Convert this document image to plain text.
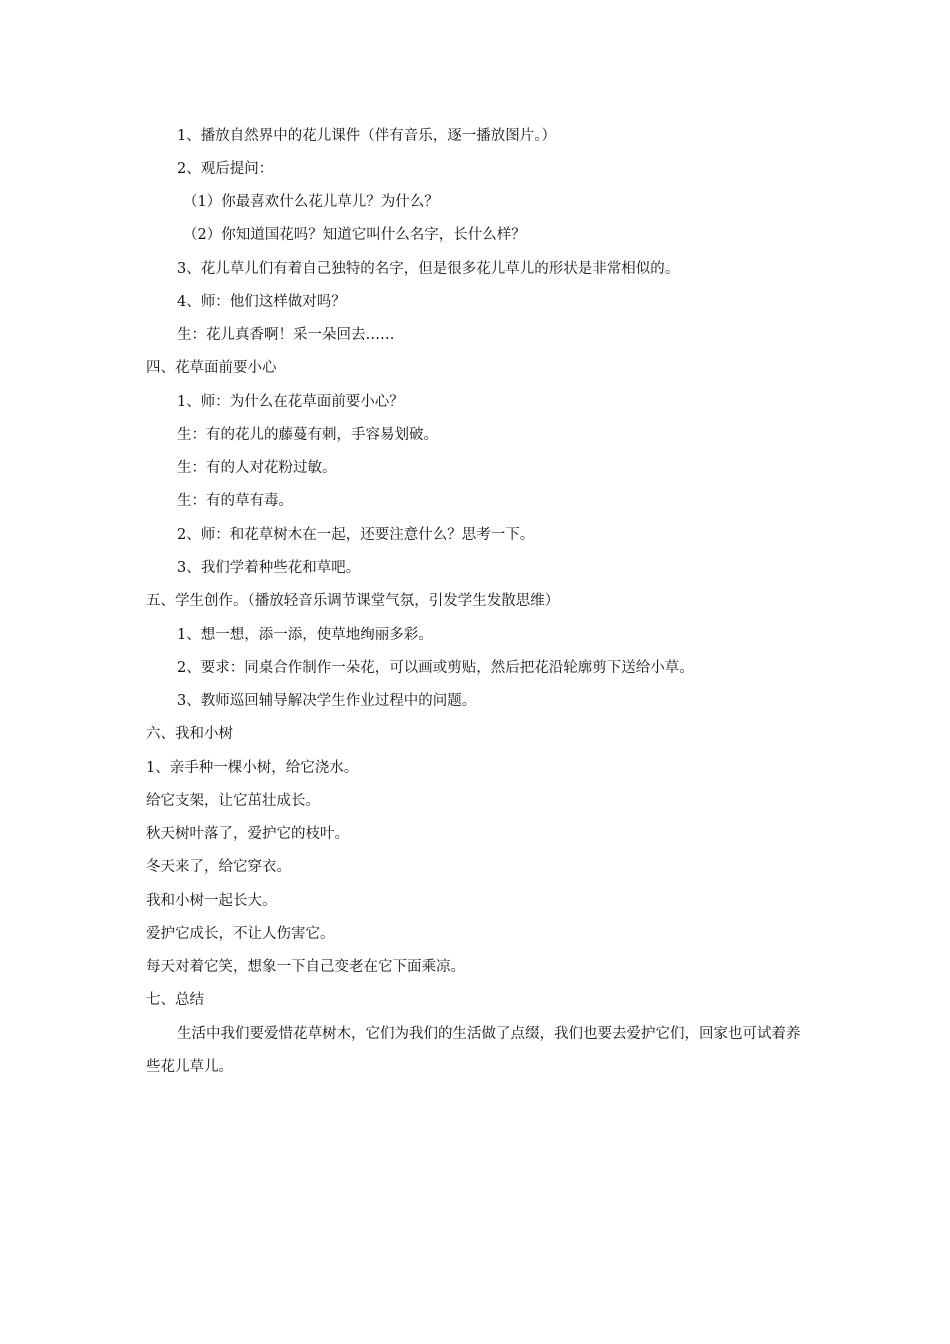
1、播放自然界中的花儿课件（伴有音乐，逐一播放图片。）
2、观后提问：
（1）你最喜欢什么花儿草儿？为什么？
（2）你知道国花吗？知道它叫什么名字，长什么样？
3、花儿草儿们有着自己独特的名字，但是很多花儿草儿的形状是非常相似的。
4、师：他们这样做对吗？
生：花儿真香啊！采一朵回去……
四、花草面前要小心
1、师：为什么在花草面前要小心？
生：有的花儿的藤蔓有刺，手容易划破。
生：有的人对花粉过敏。
生：有的草有毒。
2、师：和花草树木在一起，还要注意什么？思考一下。
3、我们学着种些花和草吧。
五、学生创作。（播放轻音乐调节课堂气氛，引发学生发散思维）
1、想一想，添一添，使草地绚丽多彩。
2、要求：同桌合作制作一朵花，可以画或剪贴，然后把花沿轮廓剪下送给小草。
3、教师巡回辅导解决学生作业过程中的问题。
六、我和小树
1、亲手种一棵小树，给它浇水。
给它支架，让它茁壮成长。
秋天树叶落了，爱护它的枝叶。
冬天来了，给它穿衣。
我和小树一起长大。
爱护它成长，不让人伤害它。
每天对着它笑，想象一下自己变老在它下面乘凉。
七、总结
生活中我们要爱惜花草树木，它们为我们的生活做了点缀，我们也要去爱护它们，回家也可试着养些花儿草儿。
